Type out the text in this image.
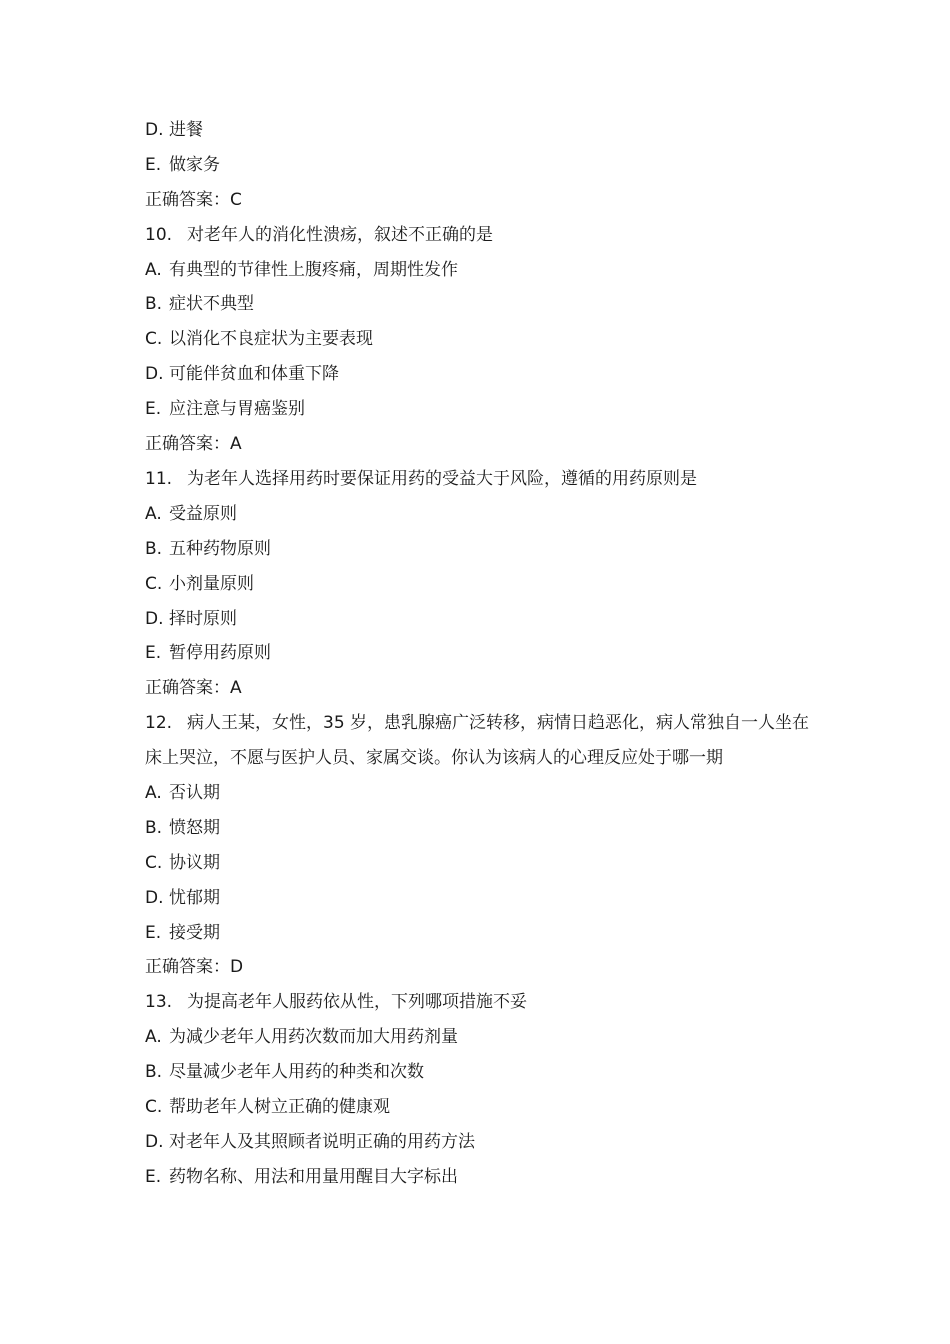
D. 进餐
E. 做家务
正确答案：C
10. 对老年人的消化性溃疡，叙述不正确的是
A. 有典型的节律性上腹疼痛，周期性发作
B. 症状不典型
C. 以消化不良症状为主要表现
D. 可能伴贫血和体重下降
E. 应注意与胃癌鉴别
正确答案：A
11. 为老年人选择用药时要保证用药的受益大于风险，遵循的用药原则是
A. 受益原则
B. 五种药物原则
C. 小剂量原则
D. 择时原则
E. 暂停用药原则
正确答案：A
12. 病人王某，女性，35 岁，患乳腺癌广泛转移，病情日趋恶化，病人常独自一人坐在床上哭泣，不愿与医护人员、家属交谈。你认为该病人的心理反应处于哪一期
A. 否认期
B. 愤怒期
C. 协议期
D. 忧郁期
E. 接受期
正确答案：D
13. 为提高老年人服药依从性，下列哪项措施不妥
A. 为减少老年人用药次数而加大用药剂量
B. 尽量减少老年人用药的种类和次数
C. 帮助老年人树立正确的健康观
D. 对老年人及其照顾者说明正确的用药方法
E. 药物名称、用法和用量用醒目大字标出
